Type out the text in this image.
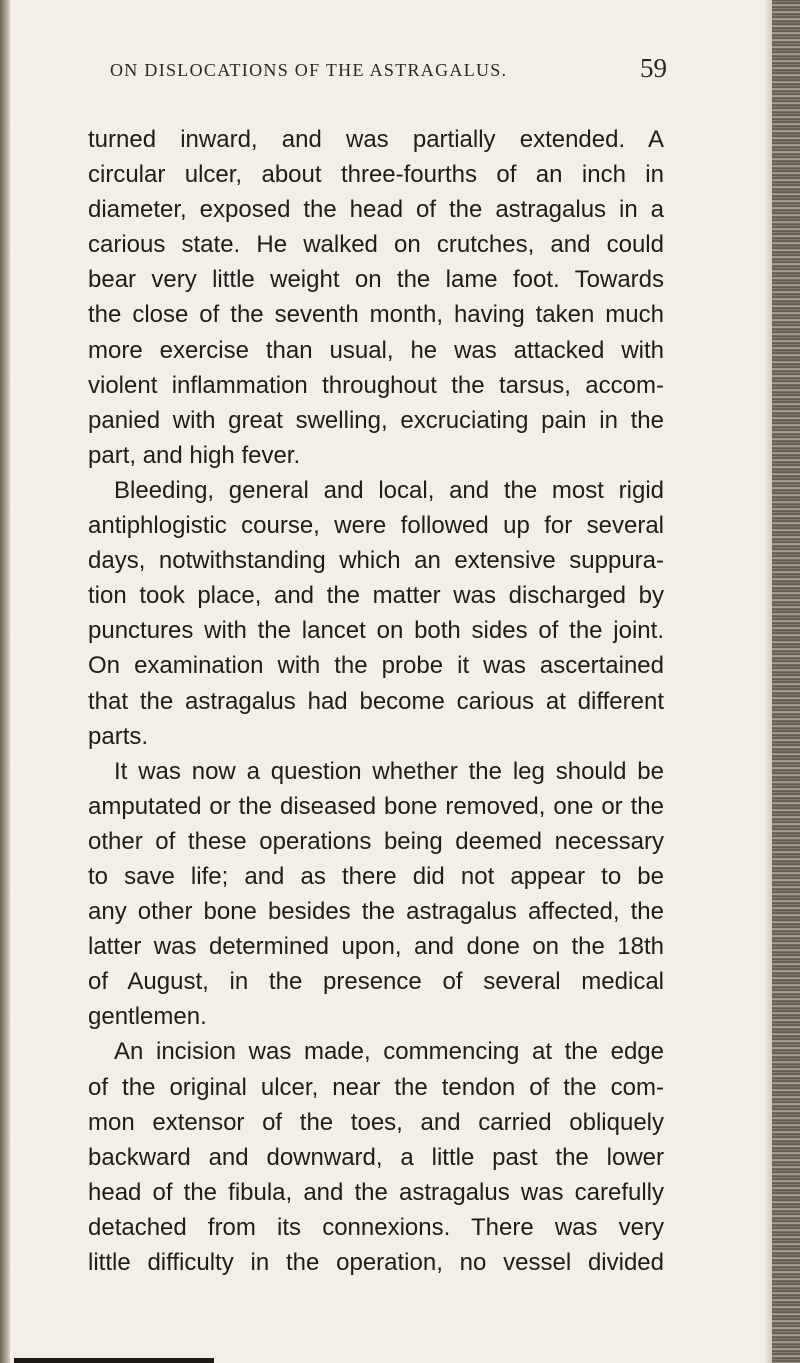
ON DISLOCATIONS OF THE ASTRAGALUS.	59
turned inward, and was partially extended. A
circular ulcer, about three-fourths of an inch in
diameter, exposed the head of the astragalus in a
carious state. He walked on crutches, and could
bear very little weight on the lame foot. Towards
the close of the seventh month, having taken much
more exercise than usual, he was attacked with
violent inflammation throughout the tarsus, accom-
panied with great swelling, excruciating pain in the
part, and high fever.
Bleeding, general and local, and the most rigid
antiphlogistic course, were followed up for several
days, notwithstanding which an extensive suppura-
tion took place, and the matter was discharged by
punctures with the lancet on both sides of the joint.
On examination with the probe it was ascertained
that the astragalus had become carious at different
parts.
It was now a question whether the leg should be
amputated or the diseased bone removed, one or the
other of these operations being deemed necessary
to save life; and as there did not appear to be
any other bone besides the astragalus affected, the
latter was determined upon, and done on the 18th
of August, in the presence of several medical
gentlemen.
An incision was made, commencing at the edge
of the original ulcer, near the tendon of the com-
mon extensor of the toes, and carried obliquely
backward and downward, a little past the lower
head of the fibula, and the astragalus was carefully
detached from its connexions. There was very
little difficulty in the operation, no vessel divided
